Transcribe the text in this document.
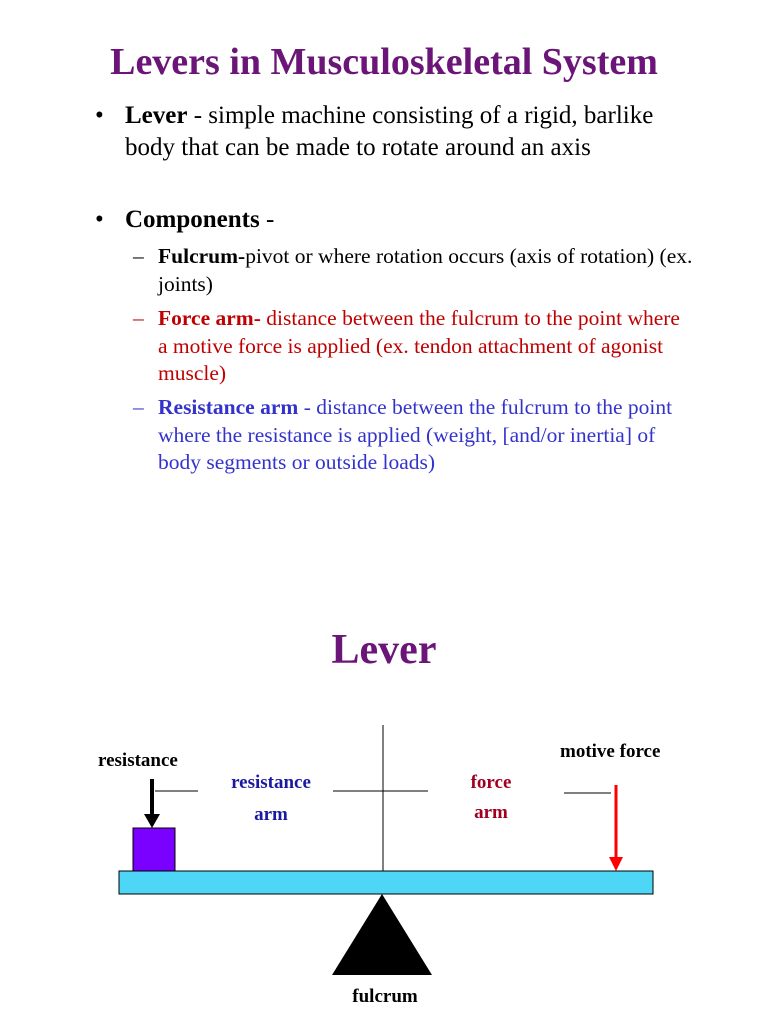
Levers in Musculoskeletal System
• Lever - simple machine consisting of a rigid, barlike body that can be made to rotate around an axis
• Components -
– Fulcrum-pivot or where rotation occurs (axis of rotation) (ex. joints)
– Force arm- distance between the fulcrum to the point where a motive force is applied (ex. tendon attachment of agonist muscle)
– Resistance arm - distance between the fulcrum to the point where the resistance is applied (weight, [and/or inertia] of body segments or outside loads)
Lever
resistance
resistance
arm
force
arm
motive force
fulcrum
